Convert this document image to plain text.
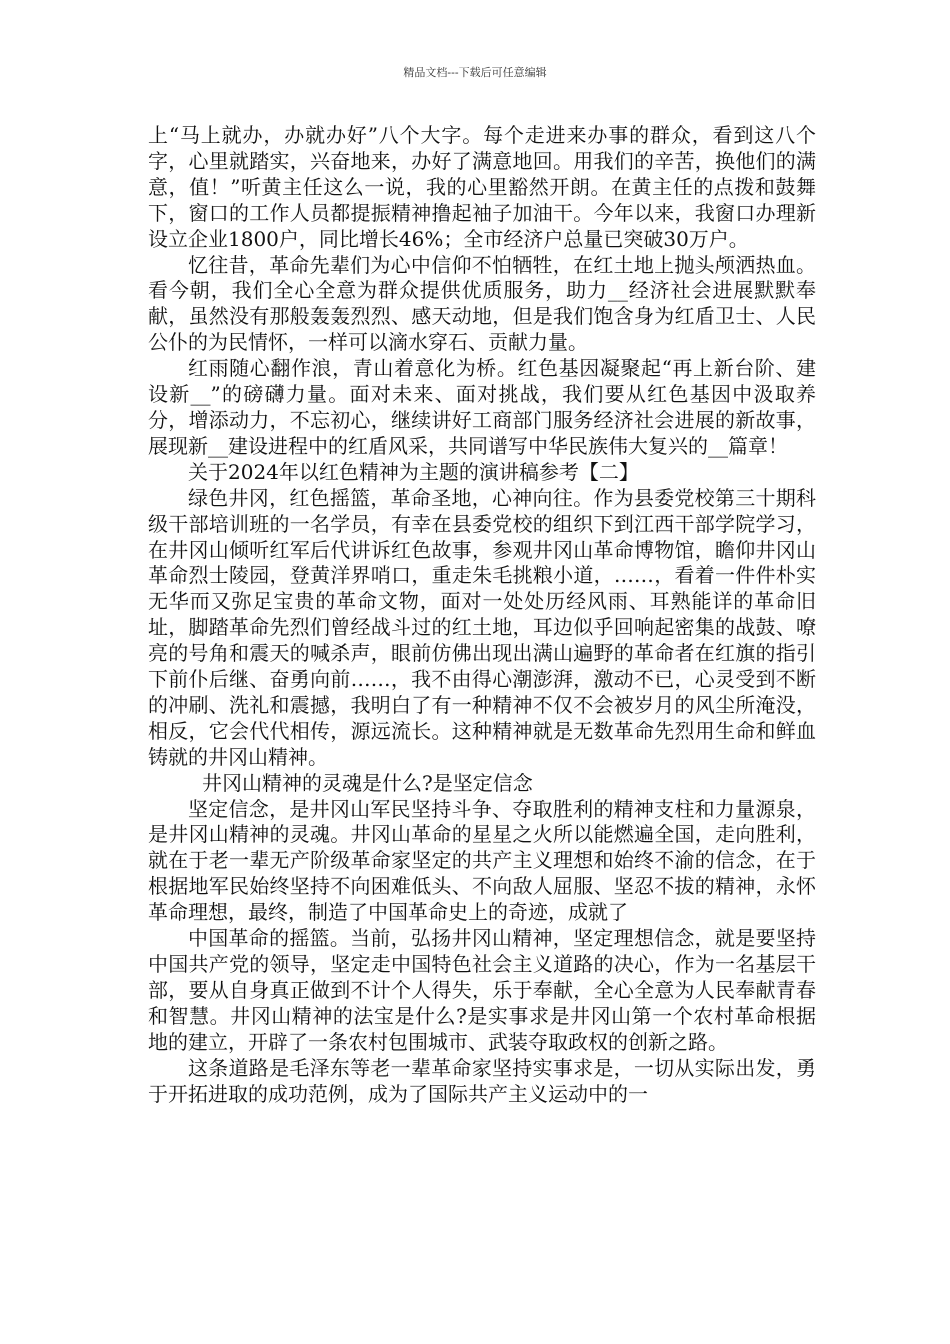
精品文档---下载后可任意编辑

上“马上就办，办就办好”八个大字。每个走进来办事的群众，看到这八个字，心里就踏实，兴奋地来，办好了满意地回。用我们的辛苦，换他们的满意，值！”听黄主任这么一说，我的心里豁然开朗。在黄主任的点拨和鼓舞下，窗口的工作人员都提振精神撸起袖子加油干。今年以来，我窗口办理新设立企业1800户，同比增长46%；全市经济户总量已突破30万户。

忆往昔，革命先辈们为心中信仰不怕牺牲，在红土地上抛头颅洒热血。看今朝，我们全心全意为群众提供优质服务，助力__经济社会进展默默奉献，虽然没有那般轰轰烈烈、感天动地，但是我们饱含身为红盾卫士、人民公仆的为民情怀，一样可以滴水穿石、贡献力量。

红雨随心翻作浪，青山着意化为桥。红色基因凝聚起“再上新台阶、建设新__”的磅礴力量。面对未来、面对挑战，我们要从红色基因中汲取养分，增添动力，不忘初心，继续讲好工商部门服务经济社会进展的新故事，展现新__建设进程中的红盾风采，共同谱写中华民族伟大复兴的__篇章！

关于2024年以红色精神为主题的演讲稿参考【二】

绿色井冈，红色摇篮，革命圣地，心神向往。作为县委党校第三十期科级干部培训班的一名学员，有幸在县委党校的组织下到江西干部学院学习，在井冈山倾听红军后代讲诉红色故事，参观井冈山革命博物馆，瞻仰井冈山革命烈士陵园，登黄洋界哨口，重走朱毛挑粮小道，……，看着一件件朴实无华而又弥足宝贵的革命文物，面对一处处历经风雨、耳熟能详的革命旧址，脚踏革命先烈们曾经战斗过的红土地，耳边似乎回响起密集的战鼓、嘹亮的号角和震天的喊杀声，眼前仿佛出现出满山遍野的革命者在红旗的指引下前仆后继、奋勇向前……，我不由得心潮澎湃，激动不已，心灵受到不断的冲刷、洗礼和震撼，我明白了有一种精神不仅不会被岁月的风尘所淹没，相反，它会代代相传，源远流长。这种精神就是无数革命先烈用生命和鲜血铸就的井冈山精神。

井冈山精神的灵魂是什么?是坚定信念

坚定信念，是井冈山军民坚持斗争、夺取胜利的精神支柱和力量源泉，是井冈山精神的灵魂。井冈山革命的星星之火所以能燃遍全国，走向胜利，就在于老一辈无产阶级革命家坚定的共产主义理想和始终不渝的信念，在于根据地军民始终坚持不向困难低头、不向敌人屈服、坚忍不拔的精神，永怀革命理想，最终，制造了中国革命史上的奇迹，成就了

中国革命的摇篮。当前，弘扬井冈山精神，坚定理想信念，就是要坚持中国共产党的领导，坚定走中国特色社会主义道路的决心，作为一名基层干部，要从自身真正做到不计个人得失，乐于奉献，全心全意为人民奉献青春和智慧。井冈山精神的法宝是什么?是实事求是井冈山第一个农村革命根据地的建立，开辟了一条农村包围城市、武装夺取政权的创新之路。

这条道路是毛泽东等老一辈革命家坚持实事求是，一切从实际出发，勇于开拓进取的成功范例，成为了国际共产主义运动中的一
